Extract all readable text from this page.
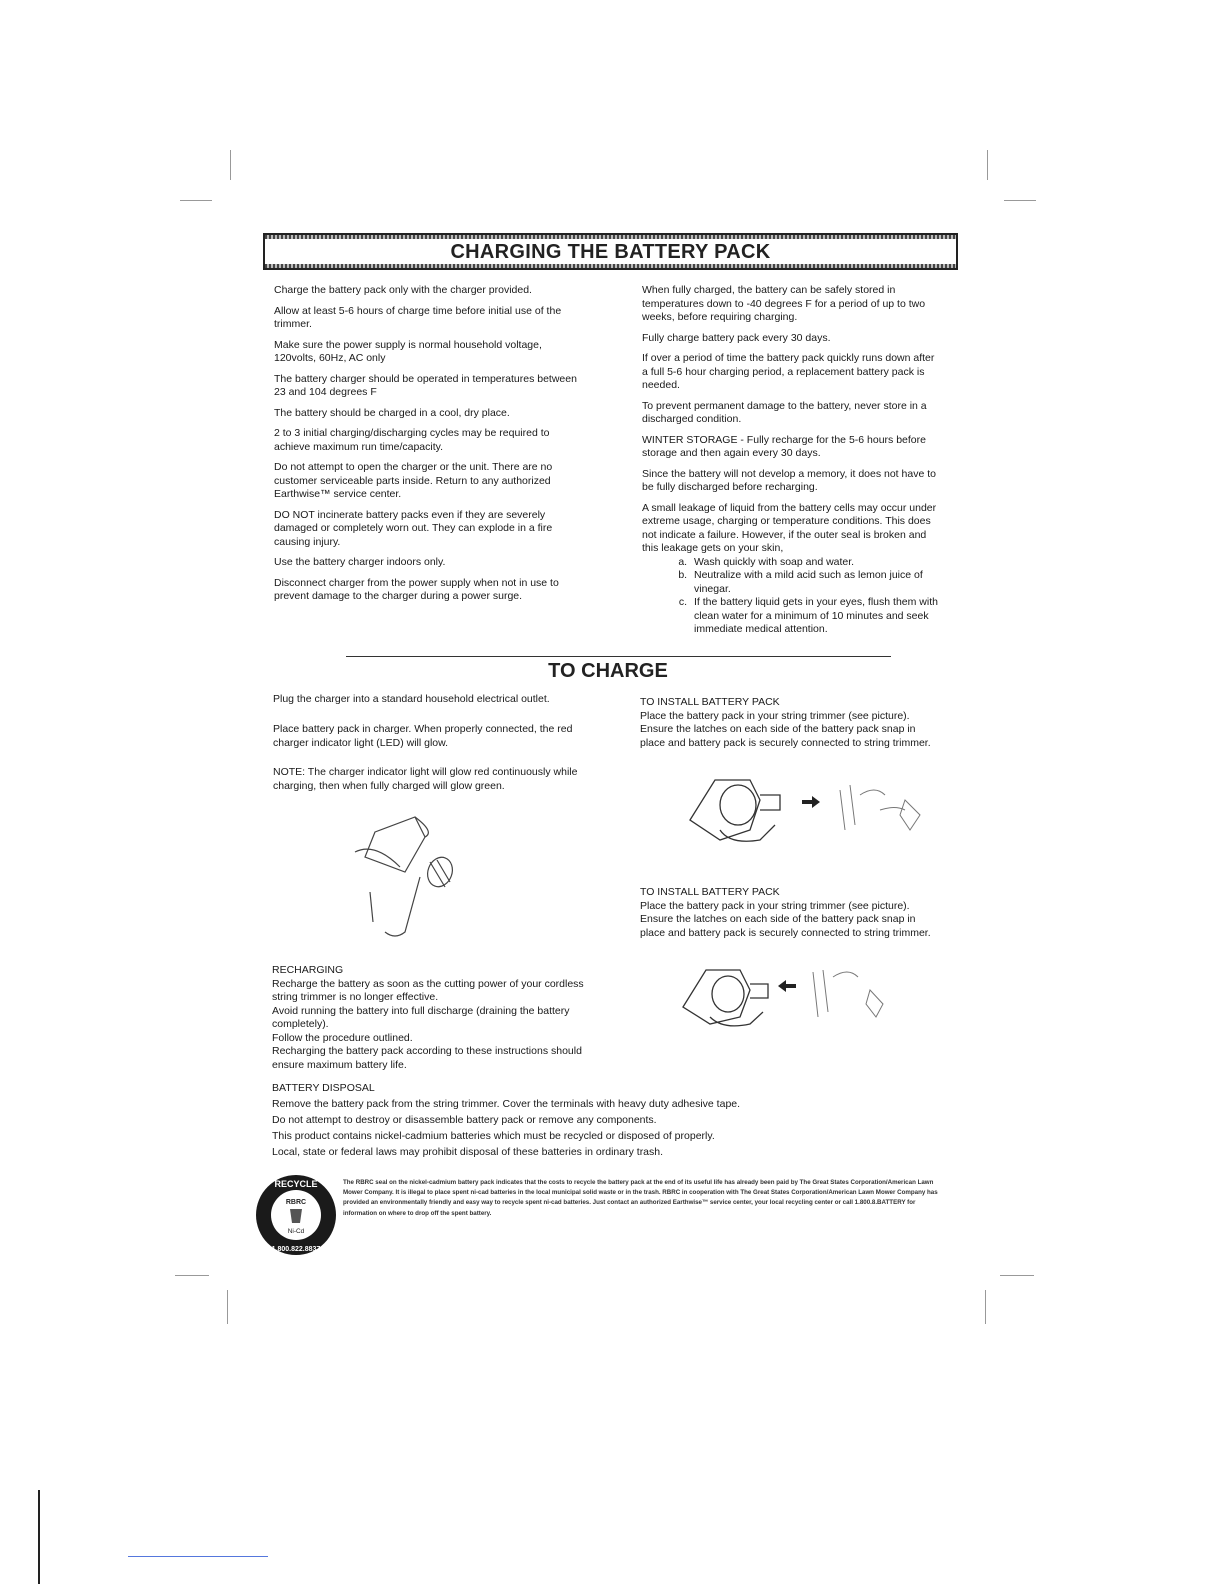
CHARGING THE BATTERY PACK

Charge the battery pack only with the charger provided.

Allow at least 5-6 hours of charge time before initial use of the trimmer.

Make sure the power supply is normal household voltage, 120volts, 60Hz, AC only

The battery charger should be operated in temperatures between 23 and 104 degrees F

The battery should be charged in a cool, dry place.

2 to 3 initial charging/discharging cycles may be required to achieve maximum run time/capacity.

Do not attempt to open the charger or the unit. There are no customer serviceable parts inside. Return to any authorized Earthwise™ service center.

DO NOT incinerate battery packs even if they are severely damaged or completely worn out. They can explode in a fire causing injury.

Use the battery charger indoors only.

Disconnect charger from the power supply when not in use to prevent damage to the charger during a power surge.

When fully charged, the battery can be safely stored in temperatures down to -40 degrees F for a period of up to two weeks, before requiring charging.

Fully charge battery pack every 30 days.

If over a period of time the battery pack quickly runs down after a full 5-6 hour charging period, a replacement battery pack is needed.

To prevent permanent damage to the battery, never store in a discharged condition.

WINTER STORAGE - Fully recharge for the 5-6 hours before storage and then again every 30 days.

Since the battery will not develop a memory, it does not have to be fully discharged before recharging.

A small leakage of liquid from the battery cells may occur under extreme usage, charging or temperature conditions. This does not indicate a failure. However, if the outer seal is broken and this leakage gets on your skin,
a. Wash quickly with soap and water.
b. Neutralize with a mild acid such as lemon juice of vinegar.
c. If the battery liquid gets in your eyes, flush them with clean water for a minimum of 10 minutes and seek immediate medical attention.
TO CHARGE
Plug the charger into a standard household electrical outlet.
Place battery pack in charger. When properly connected, the red charger indicator light (LED) will glow.
NOTE: The charger indicator light will glow red continuously while charging, then when fully charged will glow green.
TO INSTALL BATTERY PACK
Place the battery pack in your string trimmer (see picture). Ensure the latches on each side of the battery pack snap in place and battery pack is securely connected to string trimmer.
TO INSTALL BATTERY PACK
Place the battery pack in your string trimmer (see picture). Ensure the latches on each side of the battery pack snap in place and battery pack is securely connected to string trimmer.
RECHARGING
Recharge the battery as soon as the cutting power of your cordless string trimmer is no longer effective.
Avoid running the battery into full discharge (draining the battery completely).
Follow the procedure outlined.
Recharging the battery pack according to these instructions should ensure maximum battery life.
BATTERY DISPOSAL
Remove the battery pack from the string trimmer. Cover the terminals with heavy duty adhesive tape.
Do not attempt to destroy or disassemble battery pack or remove any components.
This product contains nickel-cadmium batteries which must be recycled or disposed of properly.
Local, state or federal laws may prohibit disposal of these batteries in ordinary trash.
RECYCLE
RBRC
Ni-Cd
1.800.822.8837
The RBRC seal on the nickel-cadmium battery pack indicates that the costs to recycle the battery pack at the end of its useful life has already been paid by The Great States Corporation/American Lawn Mower Company. It is illegal to place spent ni-cad batteries in the local municipal solid waste or in the trash. RBRC in cooperation with The Great States Corporation/American Lawn Mower Company has provided an environmentally friendly and easy way to recycle spent ni-cad batteries. Just contact an authorized Earthwise™ service center, your local recycling center or call 1.800.8.BATTERY for information on where to drop off the spent battery.
